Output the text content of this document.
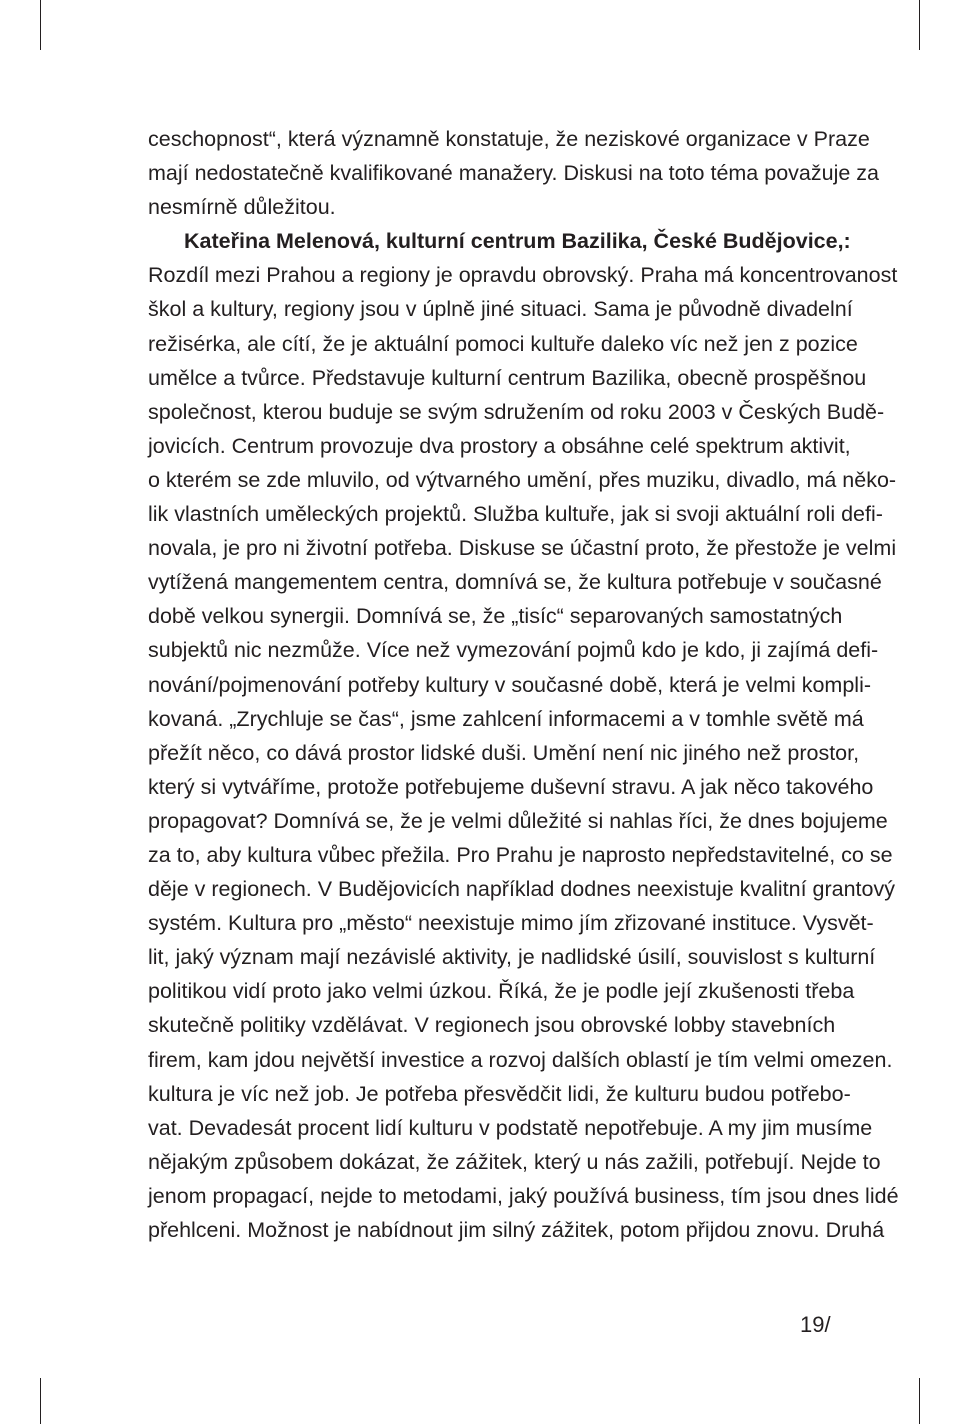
ceschopnost“, která významně konstatuje, že neziskové organizace v Praze
mají nedostatečně kvalifikované manažery. Diskusi na toto téma považuje za
nesmírně důležitou.
Kateřina Melenová, kulturní centrum Bazilika, České Budějovice,:
Rozdíl mezi Prahou a regiony je opravdu obrovský. Praha má koncentrovanost
škol a kultury, regiony jsou v úplně jiné situaci. Sama je původně divadelní
režisérka, ale cítí, že je aktuální pomoci kultuře daleko víc než jen z pozice
umělce a tvůrce. Představuje kulturní centrum Bazilika, obecně prospěšnou
společnost, kterou buduje se svým sdružením od roku 2003 v Českých Budě-
jovicích. Centrum provozuje dva prostory a obsáhne celé spektrum aktivit,
o kterém se zde mluvilo, od výtvarného umění, přes muziku, divadlo, má něko-
lik vlastních uměleckých projektů. Služba kultuře, jak si svoji aktuální roli defi-
novala, je pro ni životní potřeba. Diskuse se účastní proto, že přestože je velmi
vytížená mangementem centra, domnívá se, že kultura potřebuje v současné
době velkou synergii. Domnívá se, že „tisíc“ separovaných samostatných
subjektů nic nezmůže. Více než vymezování pojmů kdo je kdo, ji zajímá defi-
nování/pojmenování potřeby kultury v současné době, která je velmi kompli-
kovaná. „Zrychluje se čas“, jsme zahlcení informacemi a v tomhle světě má
přežít něco, co dává prostor lidské duši. Umění není nic jiného než prostor,
který si vytváříme, protože potřebujeme duševní stravu. A jak něco takového
propagovat? Domnívá se, že je velmi důležité si nahlas říci, že dnes bojujeme
za to, aby kultura vůbec přežila. Pro Prahu je naprosto nepředstavitelné, co se
děje v regionech. V Budějovicích například dodnes neexistuje kvalitní grantový
systém. Kultura pro „město“ neexistuje mimo jím zřizované instituce. Vysvět-
lit, jaký význam mají nezávislé aktivity, je nadlidské úsilí, souvislost s kulturní
politikou vidí proto jako velmi úzkou. Říká, že je podle její zkušenosti třeba
skutečně politiky vzdělávat. V regionech jsou obrovské lobby stavebních
firem, kam jdou největší investice a rozvoj dalších oblastí je tím velmi omezen.
kultura je víc než job. Je potřeba přesvědčit lidi, že kulturu budou potřebo-
vat. Devadesát procent lidí kulturu v podstatě nepotřebuje. A my jim musíme
nějakým způsobem dokázat, že zážitek, který u nás zažili, potřebují. Nejde to
jenom propagací, nejde to metodami, jaký používá business, tím jsou dnes lidé
přehlceni. Možnost je nabídnout jim silný zážitek, potom přijdou znovu. Druhá
19/
